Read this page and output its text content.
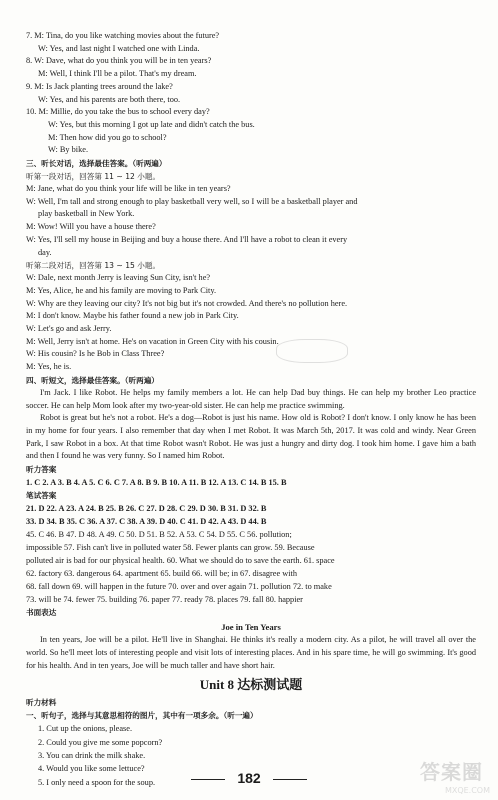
7. M: Tina, do you like watching movies about the future?
W: Yes, and last night I watched one with Linda.
8. W: Dave, what do you think you will be in ten years?
M: Well, I think I'll be a pilot. That's my dream.
9. M: Is Jack planting trees around the lake?
W: Yes, and his parents are both there, too.
10. M: Millie, do you take the bus to school every day?
W: Yes, but this morning I got up late and didn't catch the bus.
M: Then how did you go to school?
W: By bike.
三、听长对话，选择最佳答案。（听两遍）
听第一段对话，回答第 11 ~ 12 小题。
M: Jane, what do you think your life will be like in ten years?
W: Well, I'm tall and strong enough to play basketball very well, so I will be a basketball player and
play basketball in New York.
M: Wow! Will you have a house there?
W: Yes, I'll sell my house in Beijing and buy a house there. And I'll have a robot to clean it every
day.
听第二段对话，回答第 13 ~ 15 小题。
W: Dale, next month Jerry is leaving Sun City, isn't he?
M: Yes, Alice, he and his family are moving to Park City.
W: Why are they leaving our city? It's not big but it's not crowded. And there's no pollution here.
M: I don't know. Maybe his father found a new job in Park City.
W: Let's go and ask Jerry.
M: Well, Jerry isn't at home. He's on vacation in Green City with his cousin.
W: His cousin? Is he Bob in Class Three?
M: Yes, he is.
四、听短文，选择最佳答案。（听两遍）
I'm Jack. I like Robot. He helps my family members a lot. He can help Dad buy things. He can help my brother Leo practice soccer. He can help Mom look after my two-year-old sister. He can help me practice swimming.
Robot is great but he's not a robot. He's a dog—Robot is just his name. How old is Robot? I don't know. I only know he has been in my home for four years. I also remember that day when I met Robot. It was March 5th, 2017. It was cold and windy. Near Green Park, I saw Robot in a box. At that time Robot wasn't Robot. He was just a hungry and dirty dog. I took him home. I gave him a bath and then I found he was very funny. So I named him Robot.
听力答案
1. C 2. A 3. B 4. A 5. C 6. C 7. A 8. B 9. B 10. A 11. B 12. A 13. C 14. B 15. B
笔试答案
21. D 22. A 23. A 24. B 25. B 26. C 27. D 28. C 29. D 30. B 31. D 32. B
33. D 34. B 35. C 36. A 37. C 38. A 39. D 40. C 41. D 42. A 43. D 44. B
45. C 46. B 47. D 48. A 49. C 50. D 51. B 52. A 53. C 54. D 55. C 56. pollution;
impossible 57. Fish can't live in polluted water 58. Fewer plants can grow. 59. Because
polluted air is bad for our physical health. 60. What we should do to save the earth. 61. space
62. factory 63. dangerous 64. apartment 65. build 66. will be; in 67. disagree with
68. fall down 69. will happen in the future 70. over and over again 71. pollution 72. to make
73. will be 74. fewer 75. building 76. paper 77. ready 78. places 79. fall 80. happier
书面表达
Joe in Ten Years
In ten years, Joe will be a pilot. He'll live in Shanghai. He thinks it's really a modern city. As a pilot, he will travel all over the world. So he'll meet lots of interesting people and visit lots of interesting places. And in his spare time, he will go swimming. It's good for his health. And in ten years, Joe will be much taller and have short hair.
Unit 8 达标测试题
听力材料
一、听句子，选择与其意思相符的图片，其中有一项多余。（听一遍）
1. Cut up the onions, please.
2. Could you give me some popcorn?
3. You can drink the milk shake.
4. Would you like some lettuce?
5. I only need a spoon for the soup.	182	答案圈
MXQE.COM
